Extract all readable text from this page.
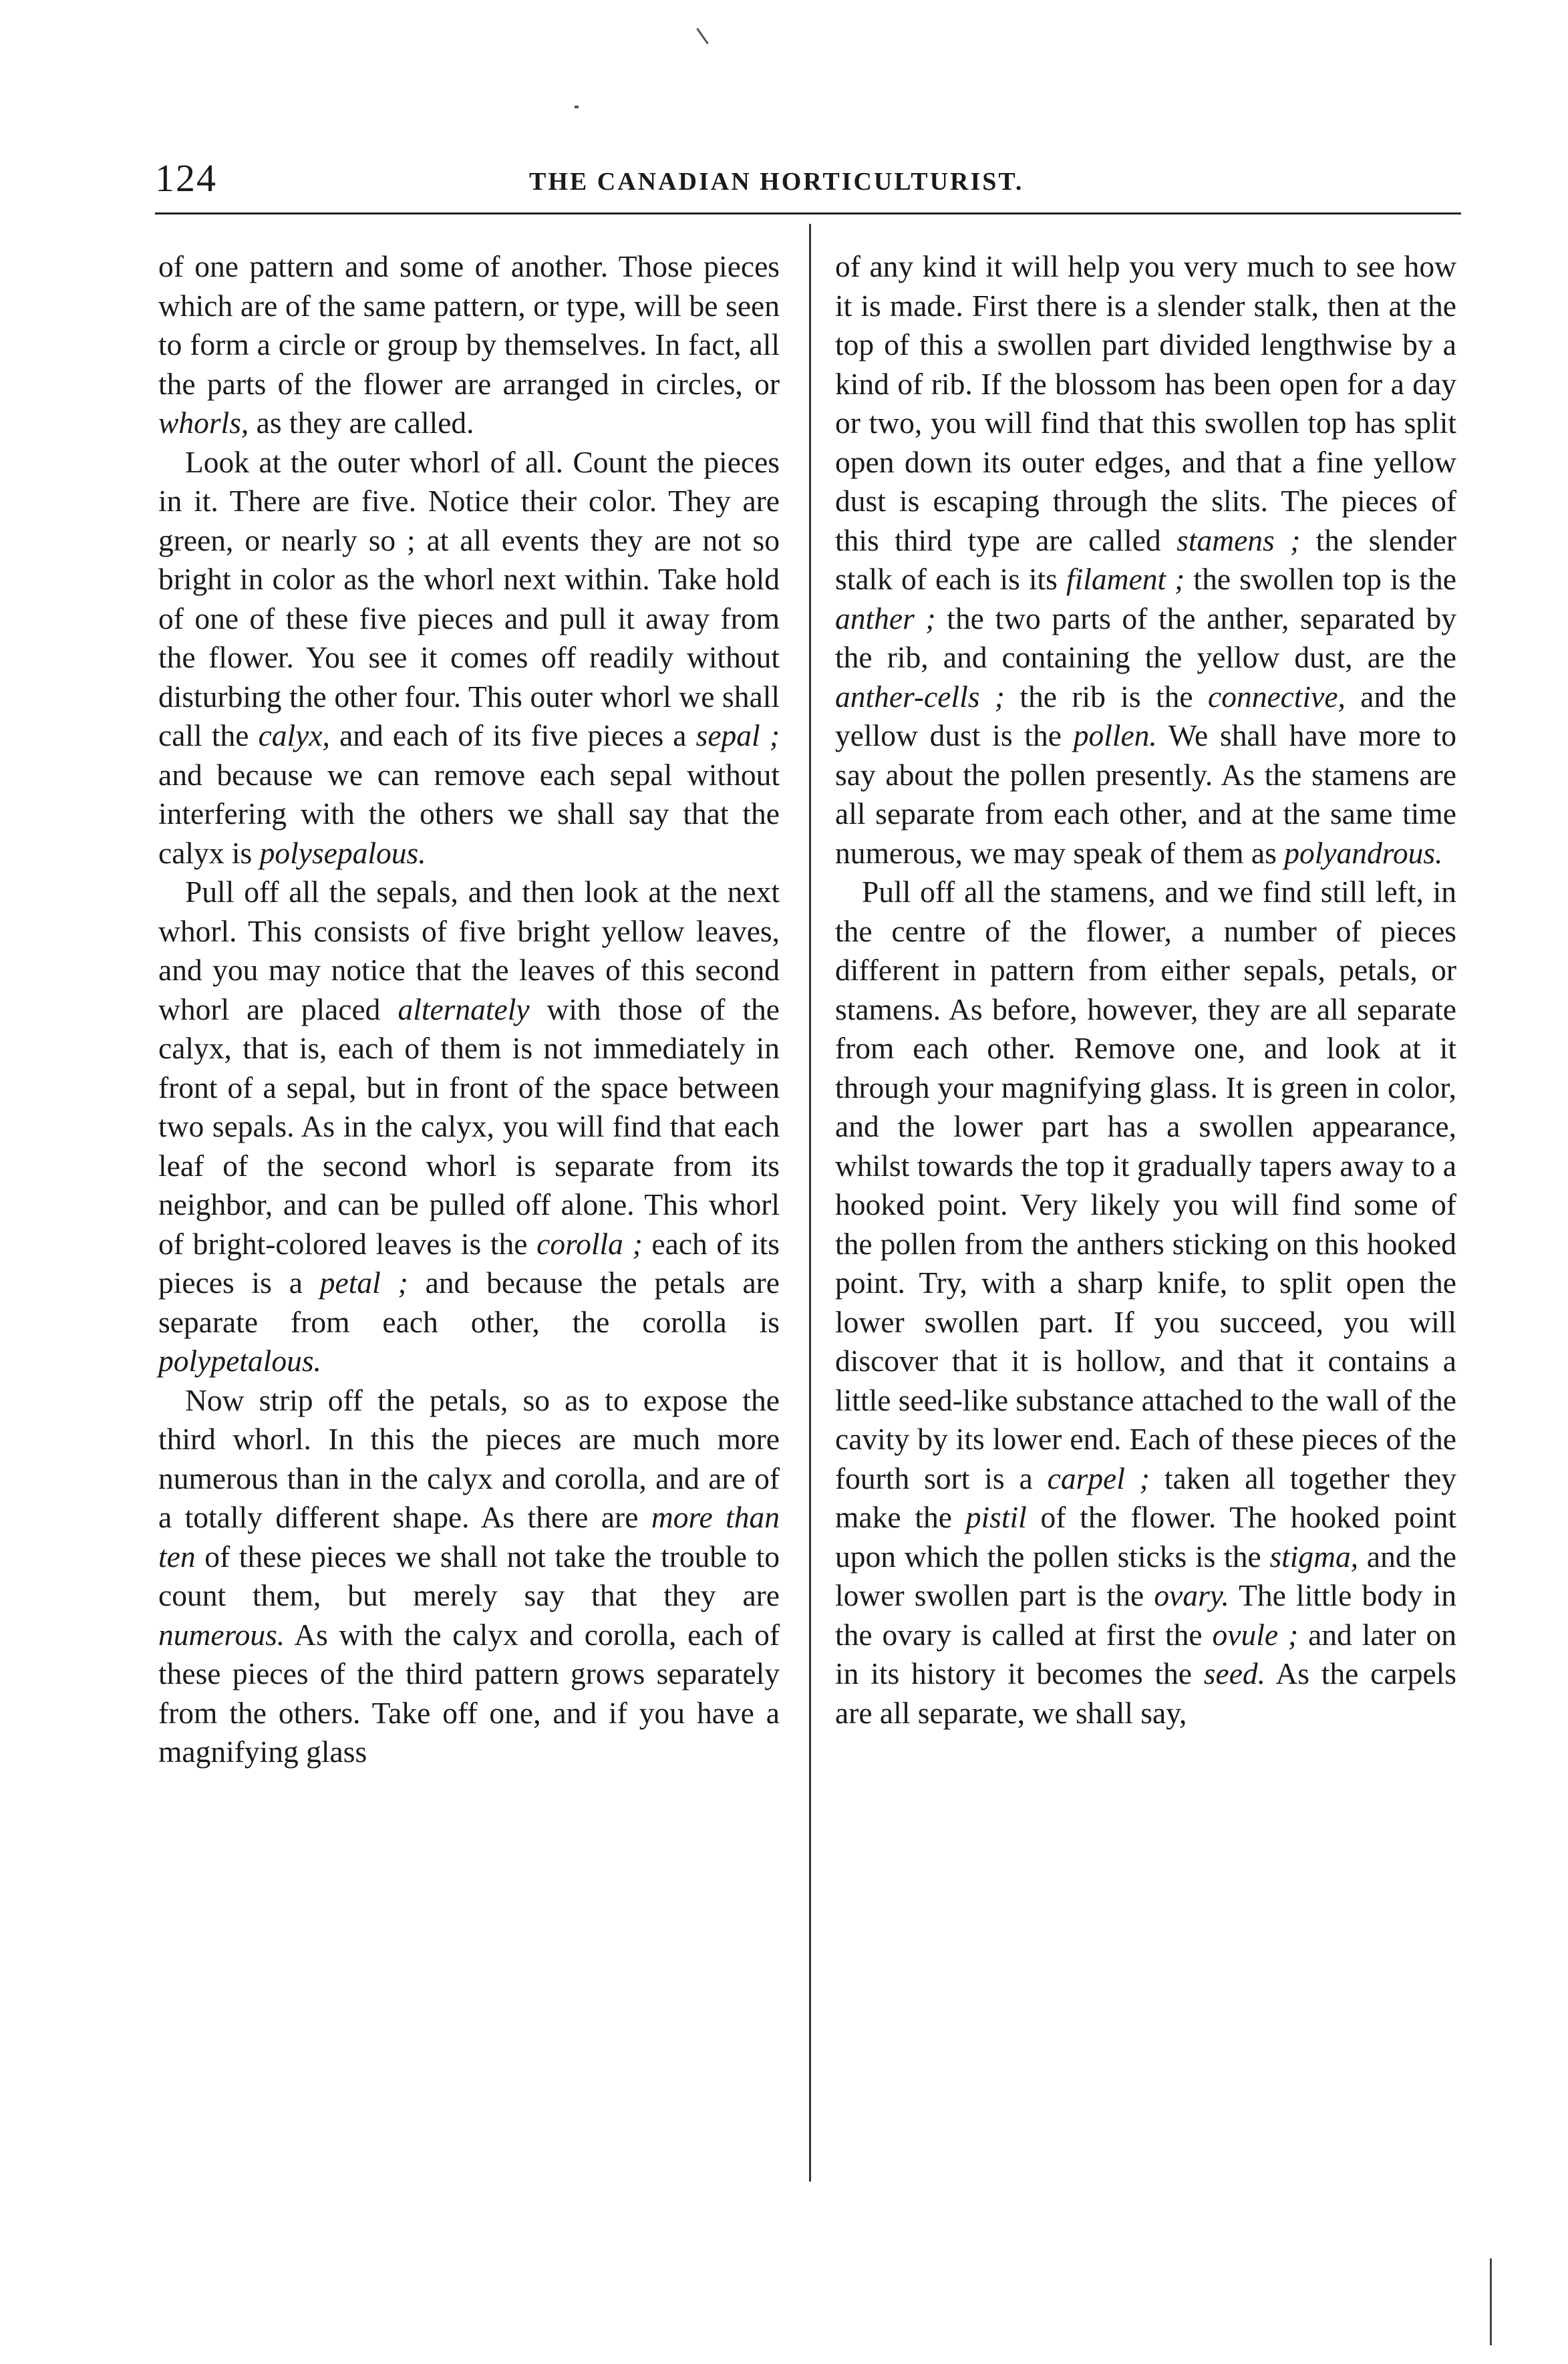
124	THE CANADIAN HORTICULTURIST.

of one pattern and some of another. Those pieces which are of the same pattern, or type, will be seen to form a circle or group by themselves. In fact, all the parts of the flower are arranged in circles, or whorls, as they are called.

Look at the outer whorl of all. Count the pieces in it. There are five. Notice their color. They are green, or nearly so ; at all events they are not so bright in color as the whorl next within. Take hold of one of these five pieces and pull it away from the flower. You see it comes off readily without disturbing the other four. This outer whorl we shall call the calyx, and each of its five pieces a sepal ; and because we can remove each sepal without interfering with the others we shall say that the calyx is polysepalous.

Pull off all the sepals, and then look at the next whorl. This consists of five bright yellow leaves, and you may notice that the leaves of this second whorl are placed alternately with those of the calyx, that is, each of them is not immediately in front of a sepal, but in front of the space between two sepals. As in the calyx, you will find that each leaf of the second whorl is separate from its neighbor, and can be pulled off alone. This whorl of bright-colored leaves is the corolla ; each of its pieces is a petal ; and because the petals are separate from each other, the corolla is polypetalous.

Now strip off the petals, so as to expose the third whorl. In this the pieces are much more numerous than in the calyx and corolla, and are of a totally different shape. As there are more than ten of these pieces we shall not take the trouble to count them, but merely say that they are numerous. As with the calyx and corolla, each of these pieces of the third pattern grows separately from the others. Take off one, and if you have a magnifying glass

of any kind it will help you very much to see how it is made. First there is a slender stalk, then at the top of this a swollen part divided lengthwise by a kind of rib. If the blossom has been open for a day or two, you will find that this swollen top has split open down its outer edges, and that a fine yellow dust is escaping through the slits. The pieces of this third type are called stamens ; the slender stalk of each is its filament ; the swollen top is the anther ; the two parts of the anther, separated by the rib, and containing the yellow dust, are the anther-cells ; the rib is the connective, and the yellow dust is the pollen. We shall have more to say about the pollen presently. As the stamens are all separate from each other, and at the same time numerous, we may speak of them as polyandrous.

Pull off all the stamens, and we find still left, in the centre of the flower, a number of pieces different in pattern from either sepals, petals, or stamens. As before, however, they are all separate from each other. Remove one, and look at it through your magnifying glass. It is green in color, and the lower part has a swollen appearance, whilst towards the top it gradually tapers away to a hooked point. Very likely you will find some of the pollen from the anthers sticking on this hooked point. Try, with a sharp knife, to split open the lower swollen part. If you succeed, you will discover that it is hollow, and that it contains a little seed-like substance attached to the wall of the cavity by its lower end. Each of these pieces of the fourth sort is a carpel ; taken all together they make the pistil of the flower. The hooked point upon which the pollen sticks is the stigma, and the lower swollen part is the ovary. The little body in the ovary is called at first the ovule ; and later on in its history it becomes the seed. As the carpels are all separate, we shall say,
